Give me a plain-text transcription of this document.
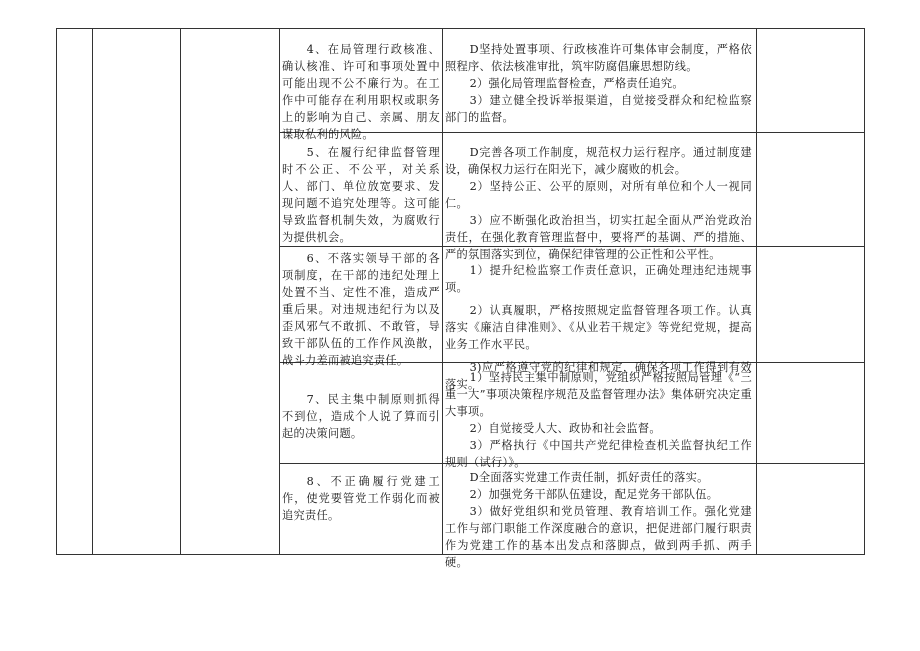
4、在局管理行政核准、确认核准、许可和事项处置中可能出现不公不廉行为。在工作中可能存在利用职权或职务上的影响为自己、亲属、朋友谋取私利的风险。

D坚持处置事项、行政核准许可集体审会制度，严格依照程序、依法核准审批，筑牢防腐倡廉思想防线。

2）强化局管理监督检查，严格责任追究。

3）建立健全投诉举报渠道，自觉接受群众和纪检监察部门的监督。

5、在履行纪律监督管理时不公正、不公平，对关系人、部门、单位放宽要求、发现问题不追究处理等。这可能导致监督机制失效，为腐败行为提供机会。

D完善各项工作制度，规范权力运行程序。通过制度建设，确保权力运行在阳光下，减少腐败的机会。

2）坚持公正、公平的原则，对所有单位和个人一视同仁。

3）应不断强化政治担当，切实扛起全面从严治党政治责任，在强化教育管理监督中，要将严的基调、严的措施、严的氛围落实到位，确保纪律管理的公正性和公平性。

6、不落实领导干部的各项制度，在干部的违纪处理上处置不当、定性不准，造成严重后果。对违规违纪行为以及歪风邪气不敢抓、不敢管，导致干部队伍的工作作风涣散，战斗力差而被追究责任。

1）提升纪检监察工作责任意识，正确处理违纪违规事项。

2）认真履职，严格按照规定监督管理各项工作。认真落实《廉洁自律准则》、《从业若干规定》等党纪党规，提高业务工作水平民。

3)应严格遵守党的纪律和规定，确保各项工作得到有效落实。

7、民主集中制原则抓得不到位，造成个人说了算而引起的决策问题。

1）坚持民主集中制原则，党组织严格按照局管理《“三重一大”事项决策程序规范及监督管理办法》集体研究决定重大事项。

2）自觉接受人大、政协和社会监督。

3）严格执行《中国共产党纪律检查机关监督执纪工作规则（试行）》。

8、不正确履行党建工作，使党要管党工作弱化而被追究责任。

D全面落实党建工作责任制，抓好责任的落实。

2）加强党务干部队伍建设，配足党务干部队伍。

3）做好党组织和党员管理、教育培训工作。强化党建工作与部门职能工作深度融合的意识，把促进部门履行职责作为党建工作的基本出发点和落脚点，做到两手抓、两手硬。
